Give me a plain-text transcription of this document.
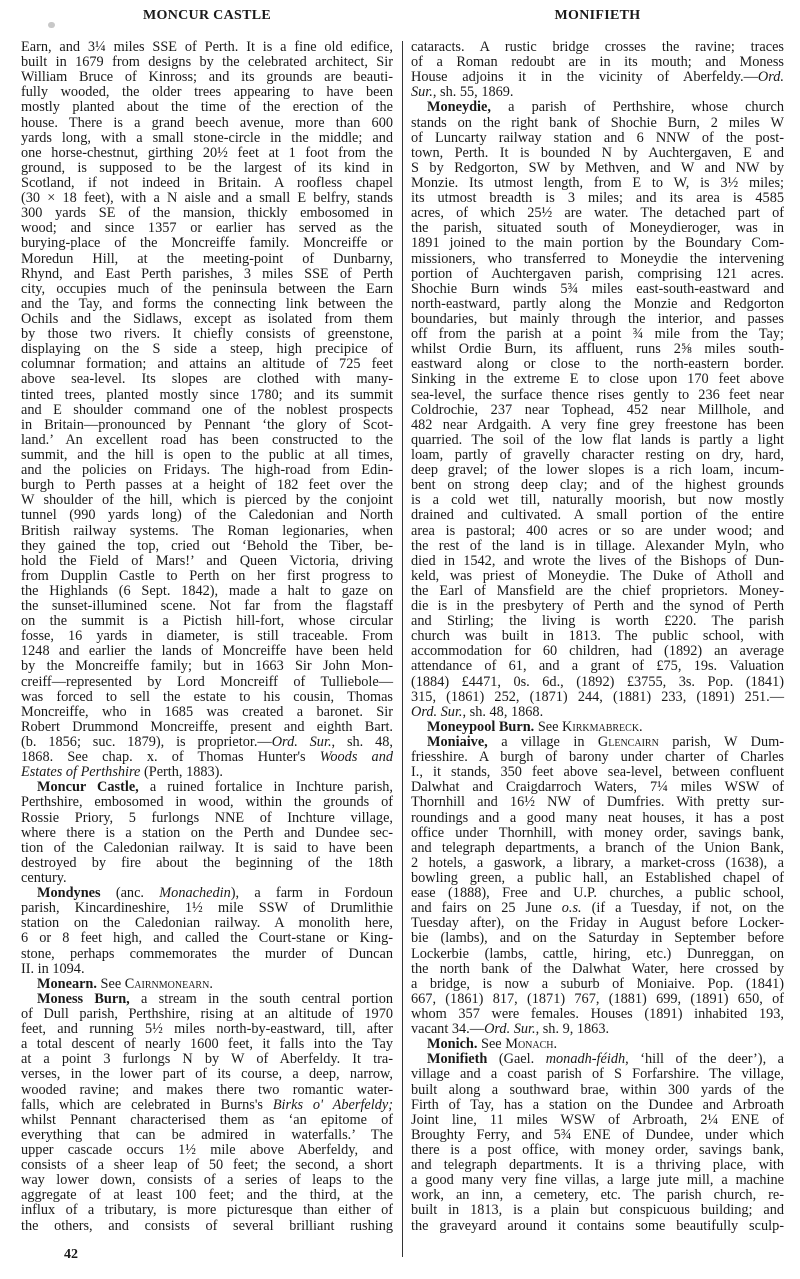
MONCUR CASTLE	MONIFIETH
Earn, and 3¼ miles SSE of Perth. It is a fine old edifice,
built in 1679 from designs by the celebrated architect, Sir
William Bruce of Kinross; and its grounds are beauti-
fully wooded, the older trees appearing to have been
mostly planted about the time of the erection of the
house. There is a grand beech avenue, more than 600
yards long, with a small stone-circle in the middle; and
one horse-chestnut, girthing 20½ feet at 1 foot from the
ground, is supposed to be the largest of its kind in
Scotland, if not indeed in Britain. A roofless chapel
(30 × 18 feet), with a N aisle and a small E belfry, stands
300 yards SE of the mansion, thickly embosomed in
wood; and since 1357 or earlier has served as the
burying-place of the Moncreiffe family. Moncreiffe or
Moredun Hill, at the meeting-point of Dunbarny,
Rhynd, and East Perth parishes, 3 miles SSE of Perth
city, occupies much of the peninsula between the Earn
and the Tay, and forms the connecting link between the
Ochils and the Sidlaws, except as isolated from them
by those two rivers. It chiefly consists of greenstone,
displaying on the S side a steep, high precipice of
columnar formation; and attains an altitude of 725 feet
above sea-level. Its slopes are clothed with many-
tinted trees, planted mostly since 1780; and its summit
and E shoulder command one of the noblest prospects
in Britain—pronounced by Pennant ‘the glory of Scot-
land.’ An excellent road has been constructed to the
summit, and the hill is open to the public at all times,
and the policies on Fridays. The high-road from Edin-
burgh to Perth passes at a height of 182 feet over the
W shoulder of the hill, which is pierced by the conjoint
tunnel (990 yards long) of the Caledonian and North
British railway systems. The Roman legionaries, when
they gained the top, cried out ‘Behold the Tiber, be-
hold the Field of Mars!’ and Queen Victoria, driving
from Dupplin Castle to Perth on her first progress to
the Highlands (6 Sept. 1842), made a halt to gaze on
the sunset-illumined scene. Not far from the flagstaff
on the summit is a Pictish hill-fort, whose circular
fosse, 16 yards in diameter, is still traceable. From
1248 and earlier the lands of Moncreiffe have been held
by the Moncreiffe family; but in 1663 Sir John Mon-
creiff—represented by Lord Moncreiff of Tulliebole—
was forced to sell the estate to his cousin, Thomas
Moncreiffe, who in 1685 was created a baronet. Sir
Robert Drummond Moncreiffe, present and eighth Bart.
(b. 1856; suc. 1879), is proprietor.—Ord. Sur., sh. 48,
1868. See chap. x. of Thomas Hunter's Woods and
Estates of Perthshire (Perth, 1883).
Moncur Castle, a ruined fortalice in Inchture parish,
Perthshire, embosomed in wood, within the grounds of
Rossie Priory, 5 furlongs NNE of Inchture village,
where there is a station on the Perth and Dundee sec-
tion of the Caledonian railway. It is said to have been
destroyed by fire about the beginning of the 18th
century.
Mondynes (anc. Monachedin), a farm in Fordoun
parish, Kincardineshire, 1½ mile SSW of Drumlithie
station on the Caledonian railway. A monolith here,
6 or 8 feet high, and called the Court-stane or King-
stone, perhaps commemorates the murder of Duncan
II. in 1094.
Monearn. See Cairnmonearn.
Moness Burn, a stream in the south central portion
of Dull parish, Perthshire, rising at an altitude of 1970
feet, and running 5½ miles north-by-eastward, till, after
a total descent of nearly 1600 feet, it falls into the Tay
at a point 3 furlongs N by W of Aberfeldy. It tra-
verses, in the lower part of its course, a deep, narrow,
wooded ravine; and makes there two romantic water-
falls, which are celebrated in Burns's Birks o' Aberfeldy;
whilst Pennant characterised them as ‘an epitome of
everything that can be admired in waterfalls.’ The
upper cascade occurs 1½ mile above Aberfeldy, and
consists of a sheer leap of 50 feet; the second, a short
way lower down, consists of a series of leaps to the
aggregate of at least 100 feet; and the third, at the
influx of a tributary, is more picturesque than either of
the others, and consists of several brilliant rushing
cataracts. A rustic bridge crosses the ravine; traces
of a Roman redoubt are in its mouth; and Moness
House adjoins it in the vicinity of Aberfeldy.—Ord.
Sur., sh. 55, 1869.
Moneydie, a parish of Perthshire, whose church
stands on the right bank of Shochie Burn, 2 miles W
of Luncarty railway station and 6 NNW of the post-
town, Perth. It is bounded N by Auchtergaven, E and
S by Redgorton, SW by Methven, and W and NW by
Monzie. Its utmost length, from E to W, is 3½ miles;
its utmost breadth is 3 miles; and its area is 4585
acres, of which 25½ are water. The detached part of
the parish, situated south of Moneydieroger, was in
1891 joined to the main portion by the Boundary Com-
missioners, who transferred to Moneydie the intervening
portion of Auchtergaven parish, comprising 121 acres.
Shochie Burn winds 5¾ miles east-south-eastward and
north-eastward, partly along the Monzie and Redgorton
boundaries, but mainly through the interior, and passes
off from the parish at a point ¾ mile from the Tay;
whilst Ordie Burn, its affluent, runs 2⅝ miles south-
eastward along or close to the north-eastern border.
Sinking in the extreme E to close upon 170 feet above
sea-level, the surface thence rises gently to 236 feet near
Coldrochie, 237 near Tophead, 452 near Millhole, and
482 near Ardgaith. A very fine grey freestone has been
quarried. The soil of the low flat lands is partly a light
loam, partly of gravelly character resting on dry, hard,
deep gravel; of the lower slopes is a rich loam, incum-
bent on strong deep clay; and of the highest grounds
is a cold wet till, naturally moorish, but now mostly
drained and cultivated. A small portion of the entire
area is pastoral; 400 acres or so are under wood; and
the rest of the land is in tillage. Alexander Myln, who
died in 1542, and wrote the lives of the Bishops of Dun-
keld, was priest of Moneydie. The Duke of Atholl and
the Earl of Mansfield are the chief proprietors. Money-
die is in the presbytery of Perth and the synod of Perth
and Stirling; the living is worth £220. The parish
church was built in 1813. The public school, with
accommodation for 60 children, had (1892) an average
attendance of 61, and a grant of £75, 19s. Valuation
(1884) £4471, 0s. 6d., (1892) £3755, 3s. Pop. (1841)
315, (1861) 252, (1871) 244, (1881) 233, (1891) 251.—
Ord. Sur., sh. 48, 1868.
Moneypool Burn. See Kirkmabreck.
Moniaive, a village in Glencairn parish, W Dum-
friesshire. A burgh of barony under charter of Charles
I., it stands, 350 feet above sea-level, between confluent
Dalwhat and Craigdarroch Waters, 7¼ miles WSW of
Thornhill and 16½ NW of Dumfries. With pretty sur-
roundings and a good many neat houses, it has a post
office under Thornhill, with money order, savings bank,
and telegraph departments, a branch of the Union Bank,
2 hotels, a gaswork, a library, a market-cross (1638), a
bowling green, a public hall, an Established chapel of
ease (1888), Free and U.P. churches, a public school,
and fairs on 25 June o.s. (if a Tuesday, if not, on the
Tuesday after), on the Friday in August before Locker-
bie (lambs), and on the Saturday in September before
Lockerbie (lambs, cattle, hiring, etc.) Dunreggan, on
the north bank of the Dalwhat Water, here crossed by
a bridge, is now a suburb of Moniaive. Pop. (1841)
667, (1861) 817, (1871) 767, (1881) 699, (1891) 650, of
whom 357 were females. Houses (1891) inhabited 193,
vacant 34.—Ord. Sur., sh. 9, 1863.
Monich. See Monach.
Monifieth (Gael. monadh-féidh, ‘hill of the deer’), a
village and a coast parish of S Forfarshire. The village,
built along a southward brae, within 300 yards of the
Firth of Tay, has a station on the Dundee and Arbroath
Joint line, 11 miles WSW of Arbroath, 2¼ ENE of
Broughty Ferry, and 5¾ ENE of Dundee, under which
there is a post office, with money order, savings bank,
and telegraph departments. It is a thriving place, with
a good many very fine villas, a large jute mill, a machine
work, an inn, a cemetery, etc. The parish church, re-
built in 1813, is a plain but conspicuous building; and
the graveyard around it contains some beautifully sculp-
42
